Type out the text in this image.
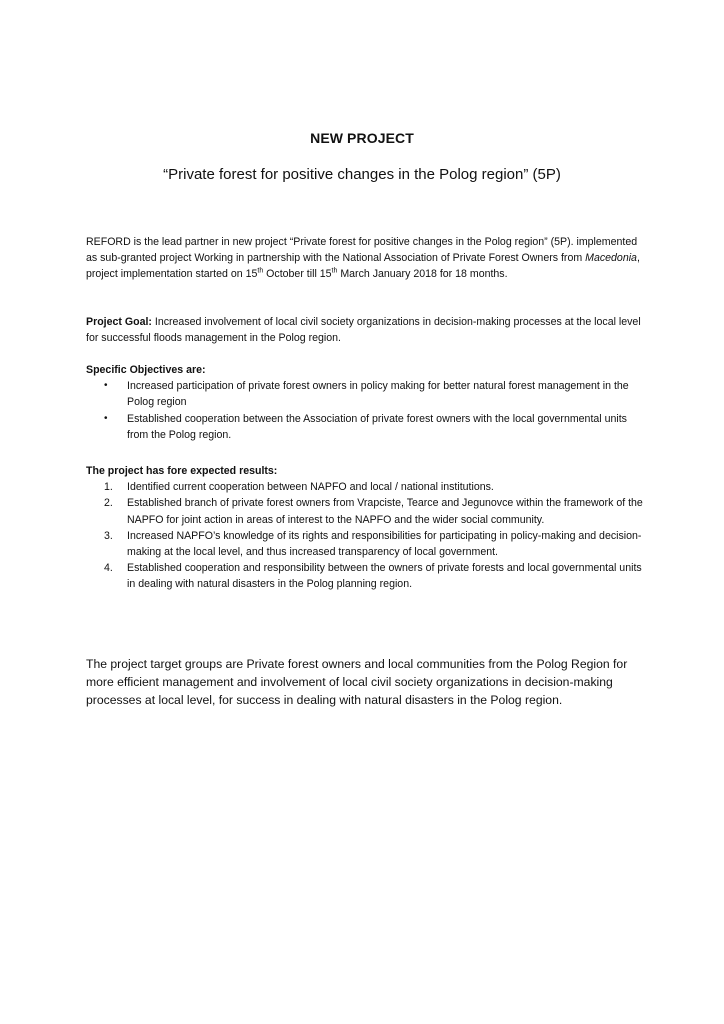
NEW PROJECT
“Private forest for positive changes in the Polog region” (5P)
REFORD is the lead partner in new project “Private forest for positive changes in the Polog region” (5P). implemented as sub-granted project Working in partnership with the National Association of Private Forest Owners from Macedonia, project implementation started on 15th October till 15th March January 2018 for 18 months.
Project Goal: Increased involvement of local civil society organizations in decision-making processes at the local level for successful floods management in the Polog region.
Specific Objectives are:
• Increased participation of private forest owners in policy making for better natural forest management in the Polog region
• Established cooperation between the Association of private forest owners with the local governmental units from the Polog region.
The project has fore expected results:
1. Identified current cooperation between NAPFO and local / national institutions.
2. Established branch of private forest owners from Vrapciste, Tearce and Jegunovce within the framework of the NAPFO for joint action in areas of interest to the NAPFO and the wider social community.
3. Increased NAPFO’s knowledge of its rights and responsibilities for participating in policy-making and decision-making at the local level, and thus increased transparency of local government.
4. Established cooperation and responsibility between the owners of private forests and local governmental units in dealing with natural disasters in the Polog planning region.
The project target groups are Private forest owners and local communities from the Polog Region for more efficient management and involvement of local civil society organizations in decision-making processes at local level, for success in dealing with natural disasters in the Polog region.
